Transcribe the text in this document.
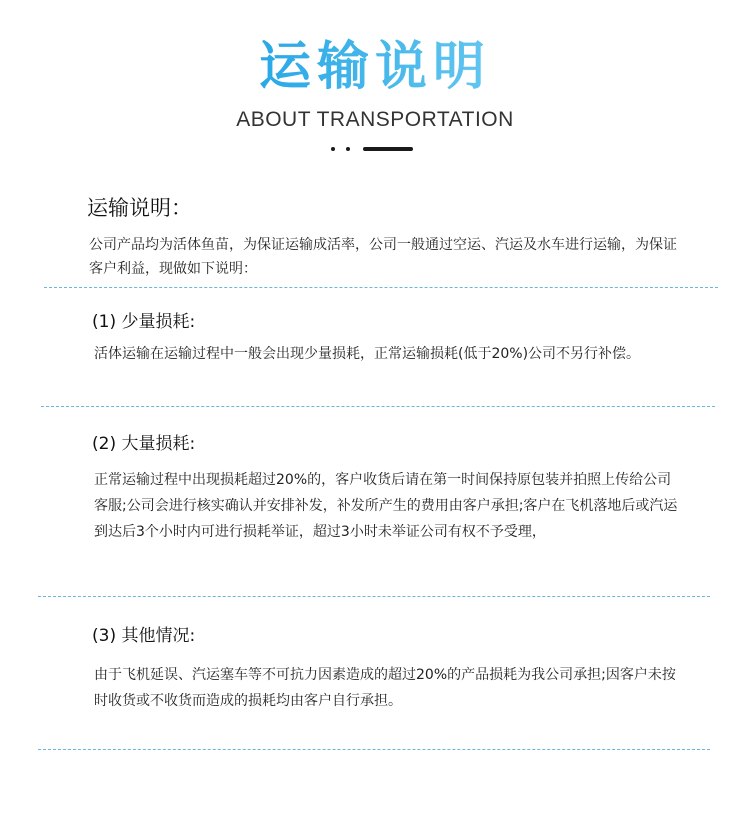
运输说明
ABOUT TRANSPORTATION
运输说明：

公司产品均为活体鱼苗，为保证运输成活率，公司一般通过空运、汽运及水车进行运输，为保证客户利益，现做如下说明：

(1) 少量损耗:

活体运输在运输过程中一般会出现少量损耗，正常运输损耗(低于20%)公司不另行补偿。

(2) 大量损耗:

正常运输过程中出现损耗超过20%的，客户收货后请在第一时间保持原包装并拍照上传给公司客服;公司会进行核实确认并安排补发，补发所产生的费用由客户承担;客户在飞机落地后或汽运到达后3个小时内可进行损耗举证，超过3小时未举证公司有权不予受理，

(3) 其他情况:

由于飞机延误、汽运塞车等不可抗力因素造成的超过20%的产品损耗为我公司承担;因客户未按时收货或不收货而造成的损耗均由客户自行承担。
